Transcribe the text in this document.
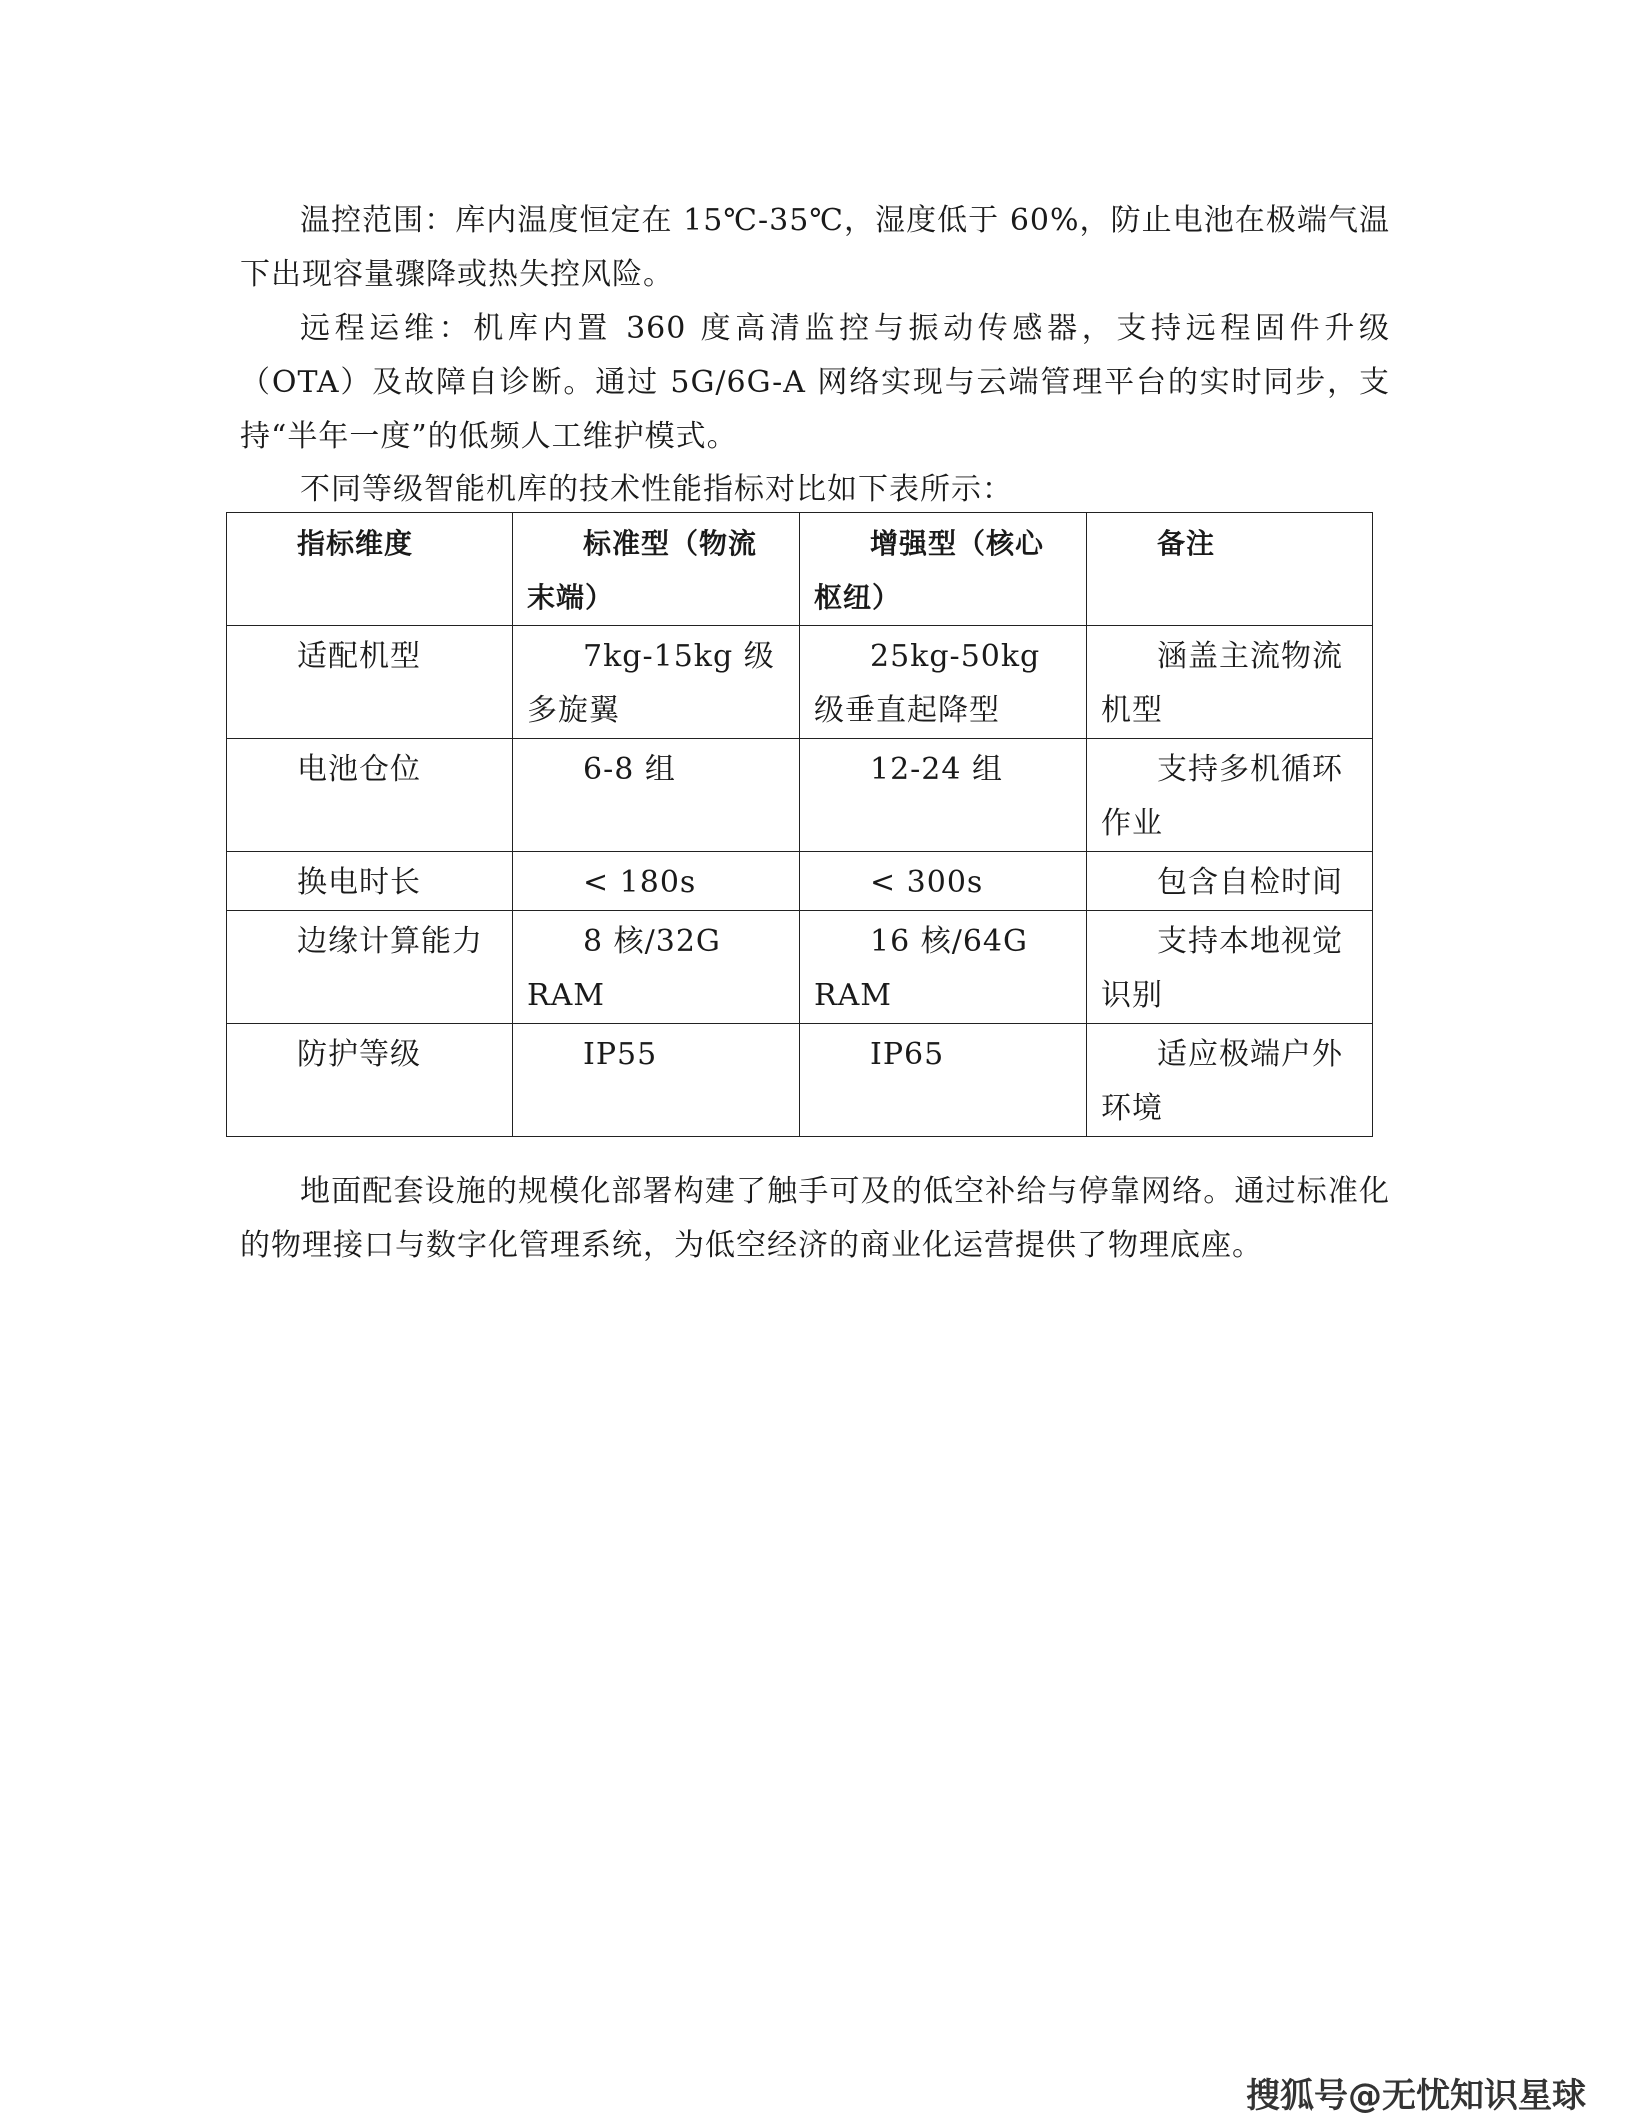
温控范围：库内温度恒定在 15℃-35℃，湿度低于 60%，防止电池在极端气温下出现容量骤降或热失控风险。

远程运维：机库内置 360 度高清监控与振动传感器，支持远程固件升级（OTA）及故障自诊断。通过 5G/6G-A 网络实现与云端管理平台的实时同步，支持“半年一度”的低频人工维护模式。

不同等级智能机库的技术性能指标对比如下表所示：

指标维度	标准型（物流末端）	增强型（核心枢纽）	备注
适配机型	7kg-15kg 级多旋翼	25kg-50kg 级垂直起降型	涵盖主流物流机型
电池仓位	6-8 组	12-24 组	支持多机循环作业
换电时长	< 180s	< 300s	包含自检时间
边缘计算能力	8 核/32G RAM	16 核/64G RAM	支持本地视觉识别
防护等级	IP55	IP65	适应极端户外环境

地面配套设施的规模化部署构建了触手可及的低空补给与停靠网络。通过标准化的物理接口与数字化管理系统，为低空经济的商业化运营提供了物理底座。

搜狐号@无忧知识星球
